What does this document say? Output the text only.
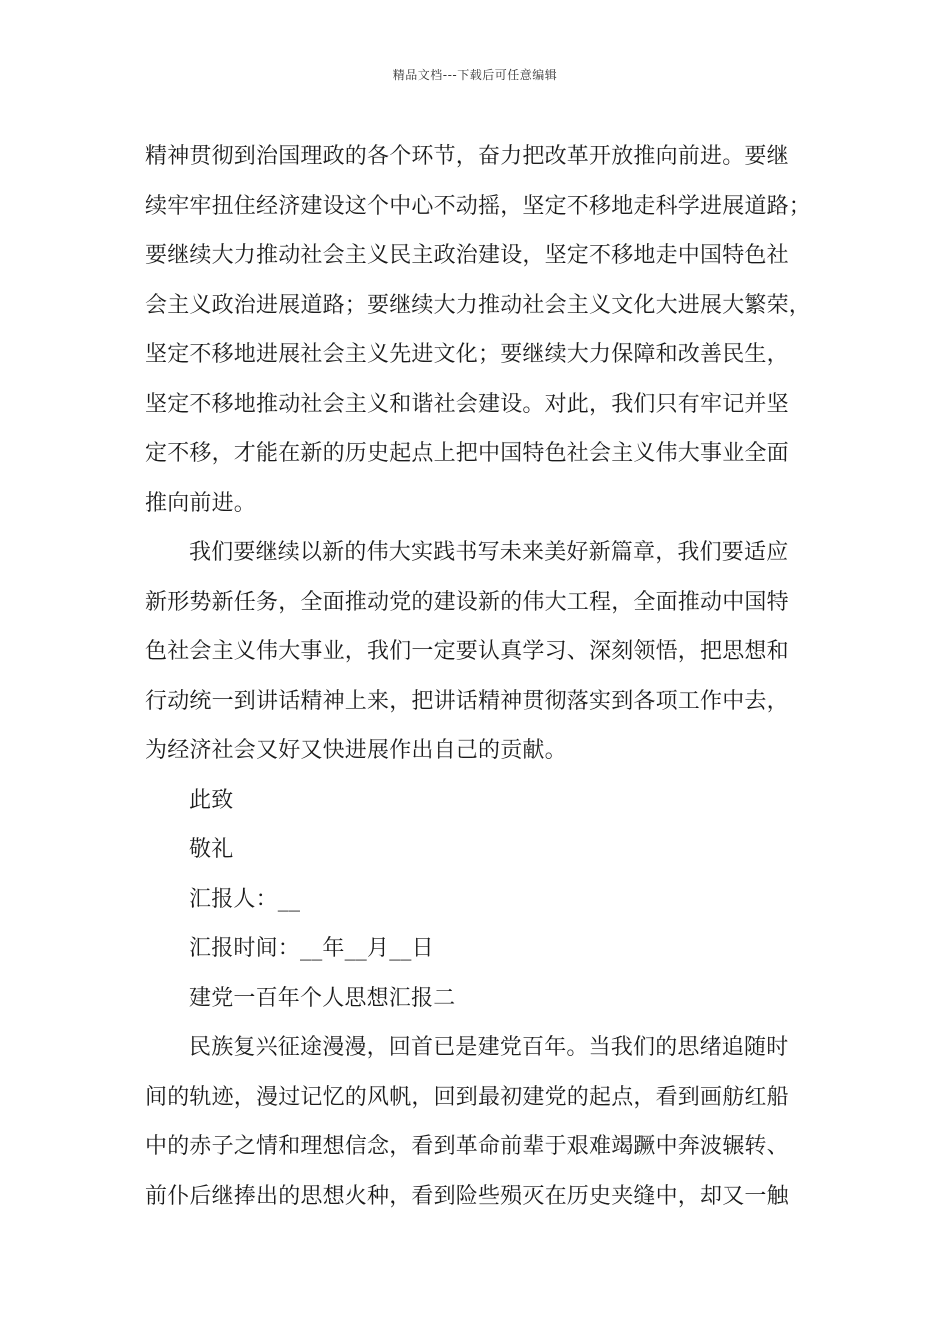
精品文档---下载后可任意编辑

精神贯彻到治国理政的各个环节，奋力把改革开放推向前进。要继

续牢牢扭住经济建设这个中心不动摇，坚定不移地走科学进展道路；

要继续大力推动社会主义民主政治建设，坚定不移地走中国特色社

会主义政治进展道路；要继续大力推动社会主义文化大进展大繁荣，

坚定不移地进展社会主义先进文化；要继续大力保障和改善民生，

坚定不移地推动社会主义和谐社会建设。对此，我们只有牢记并坚

定不移，才能在新的历史起点上把中国特色社会主义伟大事业全面

推向前进。

我们要继续以新的伟大实践书写未来美好新篇章，我们要适应

新形势新任务，全面推动党的建设新的伟大工程，全面推动中国特

色社会主义伟大事业，我们一定要认真学习、深刻领悟，把思想和

行动统一到讲话精神上来，把讲话精神贯彻落实到各项工作中去，

为经济社会又好又快进展作出自己的贡献。

此致

敬礼

汇报人：__

汇报时间：__年__月__日

建党一百年个人思想汇报二

民族复兴征途漫漫，回首已是建党百年。当我们的思绪追随时

间的轨迹，漫过记忆的风帆，回到最初建党的起点，看到画舫红船

中的赤子之情和理想信念，看到革命前辈于艰难竭蹶中奔波辗转、

前仆后继捧出的思想火种，看到险些殒灭在历史夹缝中，却又一触
